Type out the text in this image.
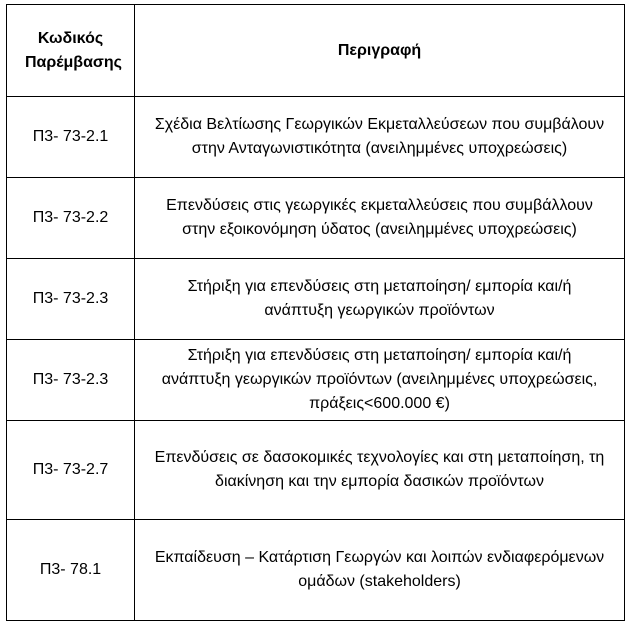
Κωδικός Παρέμβασης	Περιγραφή
Π3- 73-2.1	Σχέδια Βελτίωσης Γεωργικών Εκμεταλλεύσεων που συμβάλουν στην Ανταγωνιστικότητα (ανειλημμένες υποχρεώσεις)
Π3- 73-2.2	Επενδύσεις στις γεωργικές εκμεταλλεύσεις που συμβάλλουν στην εξοικονόμηση ύδατος (ανειλημμένες υποχρεώσεις)
Π3- 73-2.3	Στήριξη για επενδύσεις στη μεταποίηση/ εμπορία και/ή ανάπτυξη γεωργικών προϊόντων
Π3- 73-2.3	Στήριξη για επενδύσεις στη μεταποίηση/ εμπορία και/ή ανάπτυξη γεωργικών προϊόντων (ανειλημμένες υποχρεώσεις, πράξεις<600.000 €)
Π3- 73-2.7	Επενδύσεις σε δασοκομικές τεχνολογίες και στη μεταποίηση, τη διακίνηση και την εμπορία δασικών προϊόντων
Π3- 78.1	Εκπαίδευση – Κατάρτιση Γεωργών και λοιπών ενδιαφερόμενων ομάδων (stakeholders)
